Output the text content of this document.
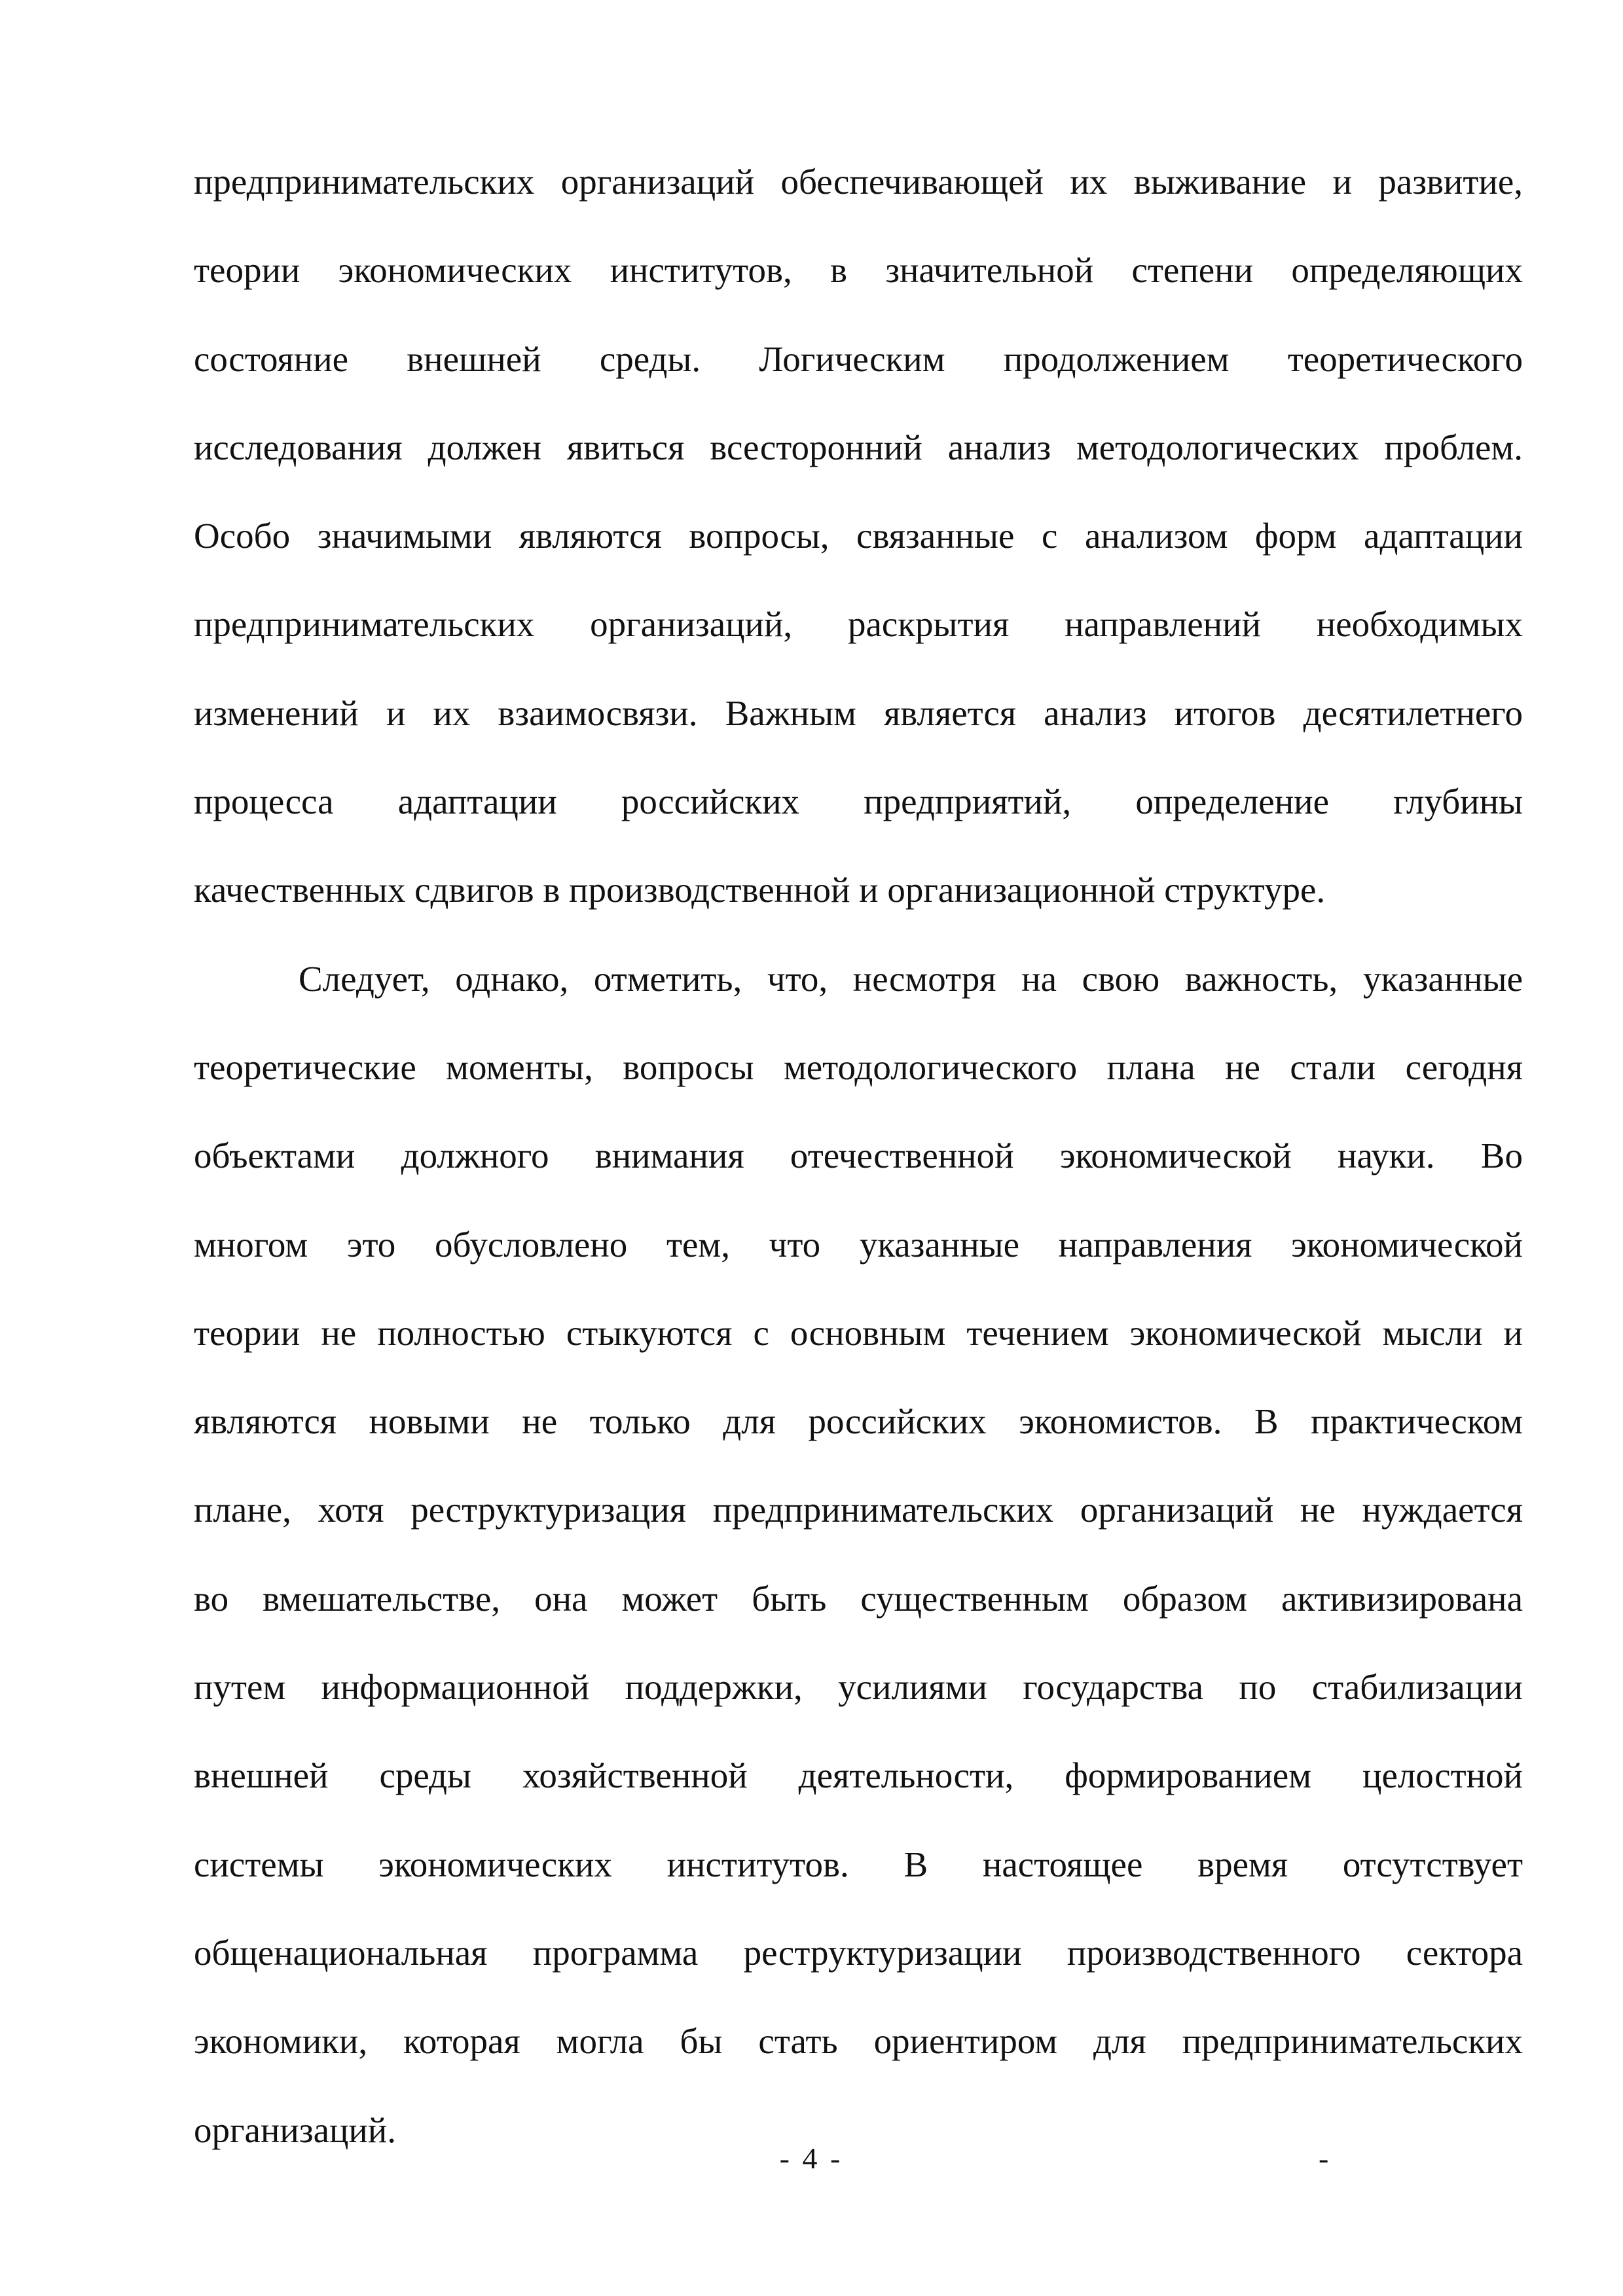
предпринимательских организаций обеспечивающей их выживание и развитие,
теории экономических институтов, в значительной степени определяющих
состояние внешней среды. Логическим продолжением теоретического
исследования должен явиться всесторонний анализ методологических проблем.
Особо значимыми являются вопросы, связанные с анализом форм адаптации
предпринимательских организаций, раскрытия направлений необходимых
изменений и их взаимосвязи. Важным является анализ итогов десятилетнего
процесса адаптации российских предприятий, определение глубины
качественных сдвигов в производственной и организационной структуре.
Следует, однако, отметить, что, несмотря на свою важность, указанные
теоретические моменты, вопросы методологического плана не стали сегодня
объектами должного внимания отечественной экономической науки. Во
многом это обусловлено тем, что указанные направления экономической
теории не полностью стыкуются с основным течением экономической мысли и
являются новыми не только для российских экономистов. В практическом
плане, хотя реструктуризация предпринимательских организаций не нуждается
во вмешательстве, она может быть существенным образом активизирована
путем информационной поддержки, усилиями государства по стабилизации
внешней среды хозяйственной деятельности, формированием целостной
системы экономических институтов. В настоящее время отсутствует
общенациональная программа реструктуризации производственного сектора
экономики, которая могла бы стать ориентиром для предпринимательских
организаций.
- 4 -	-
